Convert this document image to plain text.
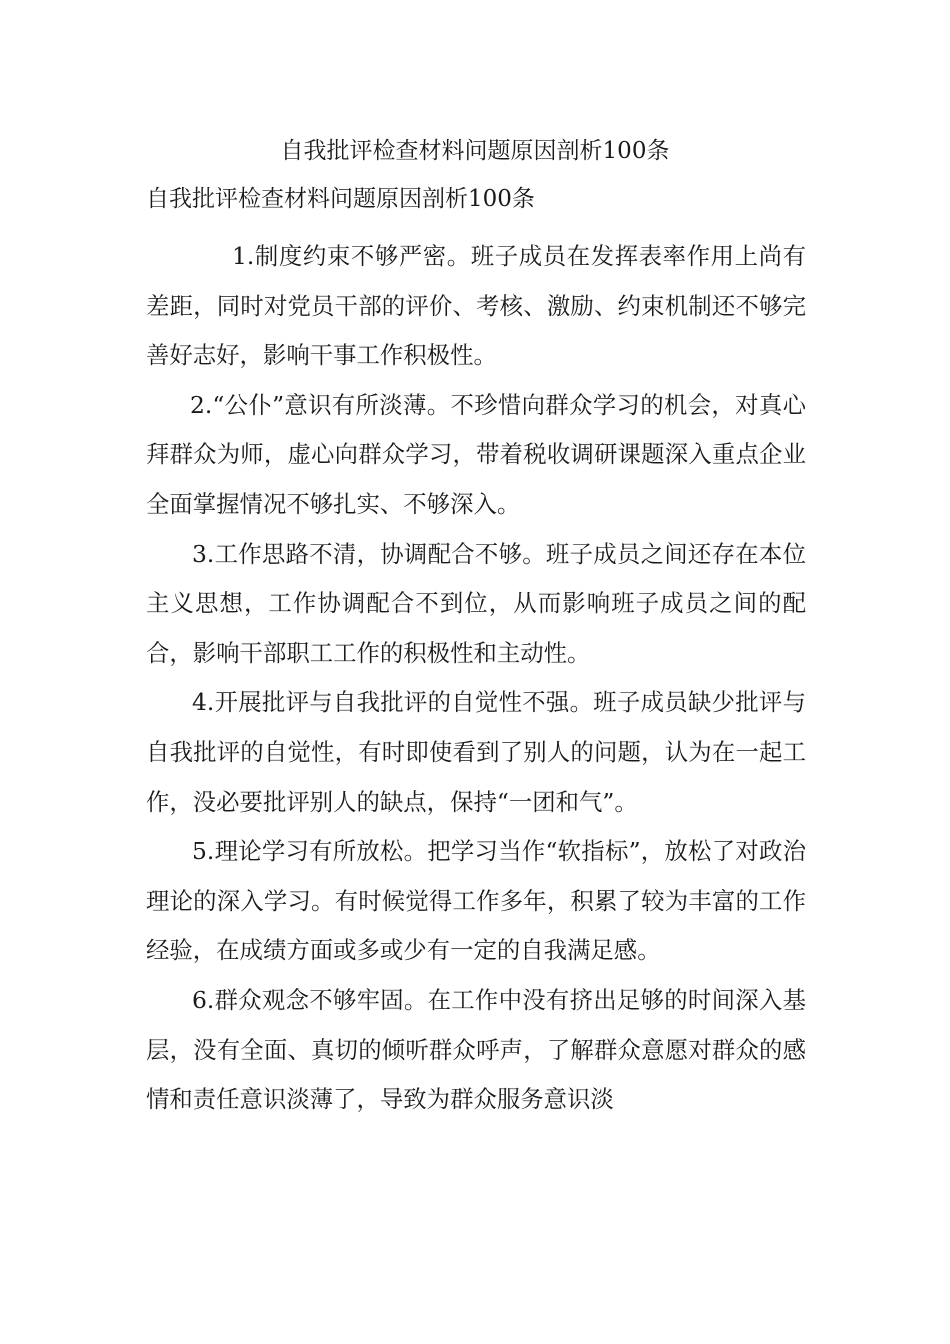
自我批评检查材料问题原因剖析100条
自我批评检查材料问题原因剖析100条

1.制度约束不够严密。班子成员在发挥表率作用上尚有差距，同时对党员干部的评价、考核、激励、约束机制还不够完善好志好，影响干事工作积极性。

2.“公仆”意识有所淡薄。不珍惜向群众学习的机会，对真心拜群众为师，虚心向群众学习，带着税收调研课题深入重点企业全面掌握情况不够扎实、不够深入。

3.工作思路不清，协调配合不够。班子成员之间还存在本位主义思想，工作协调配合不到位，从而影响班子成员之间的配合，影响干部职工工作的积极性和主动性。

4.开展批评与自我批评的自觉性不强。班子成员缺少批评与自我批评的自觉性，有时即使看到了别人的问题，认为在一起工作，没必要批评别人的缺点，保持“一团和气”。

5.理论学习有所放松。把学习当作“软指标”，放松了对政治理论的深入学习。有时候觉得工作多年，积累了较为丰富的工作经验，在成绩方面或多或少有一定的自我满足感。

6.群众观念不够牢固。在工作中没有挤出足够的时间深入基层，没有全面、真切的倾听群众呼声，了解群众意愿对群众的感情和责任意识淡薄了，导致为群众服务意识淡
